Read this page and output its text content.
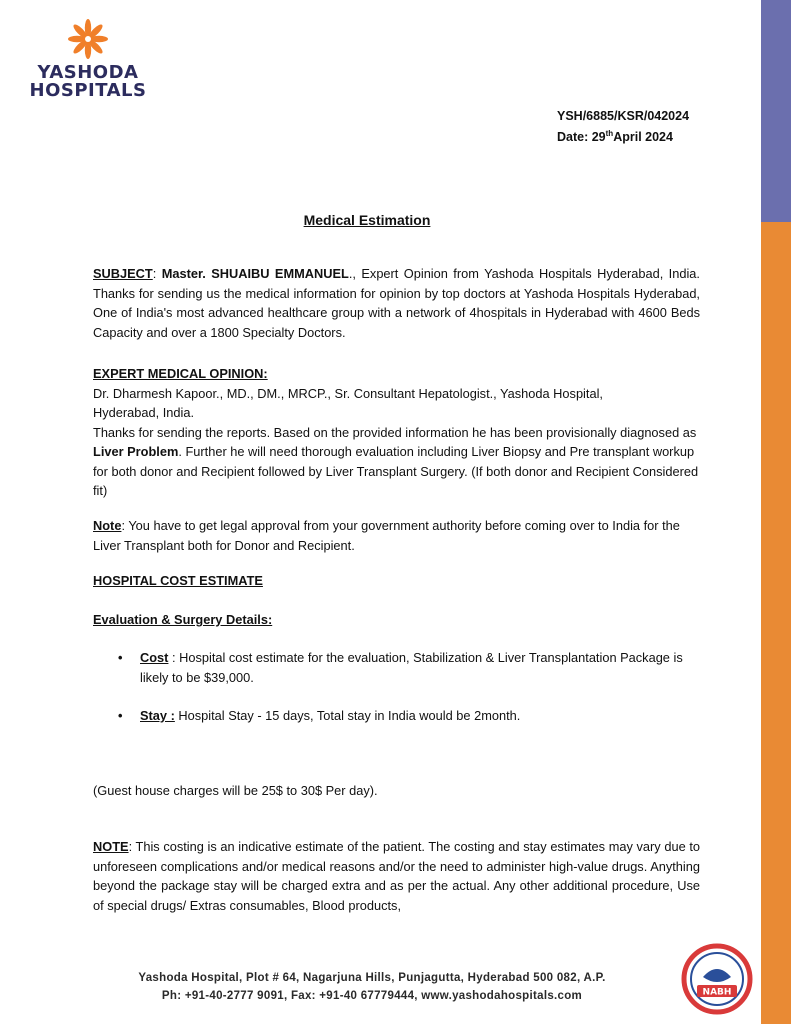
YASHODA
HOSPITALS
YSH/6885/KSR/042024
Date: 29thApril 2024
Medical Estimation

SUBJECT: Master. SHUAIBU EMMANUEL., Expert Opinion from Yashoda Hospitals Hyderabad, India. Thanks for sending us the medical information for opinion by top doctors at Yashoda Hospitals Hyderabad, One of India's most advanced healthcare group with a network of 4hospitals in Hyderabad with 4600 Beds Capacity and over a 1800 Specialty Doctors.

EXPERT MEDICAL OPINION:

Dr. Dharmesh Kapoor., MD., DM., MRCP., Sr. Consultant Hepatologist., Yashoda Hospital,

Hyderabad, India.

Thanks for sending the reports. Based on the provided information he has been provisionally diagnosed as Liver Problem. Further he will need thorough evaluation including Liver Biopsy and Pre transplant workup for both donor and Recipient followed by Liver Transplant Surgery. (If both donor and Recipient Considered fit)

Note: You have to get legal approval from your government authority before coming over to India for the Liver Transplant both for Donor and Recipient.

HOSPITAL COST ESTIMATE

Evaluation & Surgery Details:

•	Cost : Hospital cost estimate for the evaluation, Stabilization & Liver Transplantation Package is likely to be $39,000.
•	Stay : Hospital Stay - 15 days, Total stay in India would be 2month.

(Guest house charges will be 25$ to 30$ Per day).

NOTE: This costing is an indicative estimate of the patient. The costing and stay estimates may vary due to unforeseen complications and/or medical reasons and/or the need to administer high-value drugs. Anything beyond the package stay will be charged extra and as per the actual. Any other additional procedure, Use of special drugs/ Extras consumables, Blood products,

Yashoda Hospital, Plot # 64, Nagarjuna Hills, Punjagutta, Hyderabad 500 082, A.P.
Ph: +91-40-2777 9091, Fax: +91-40 67779444, www.yashodahospitals.com	NABH
